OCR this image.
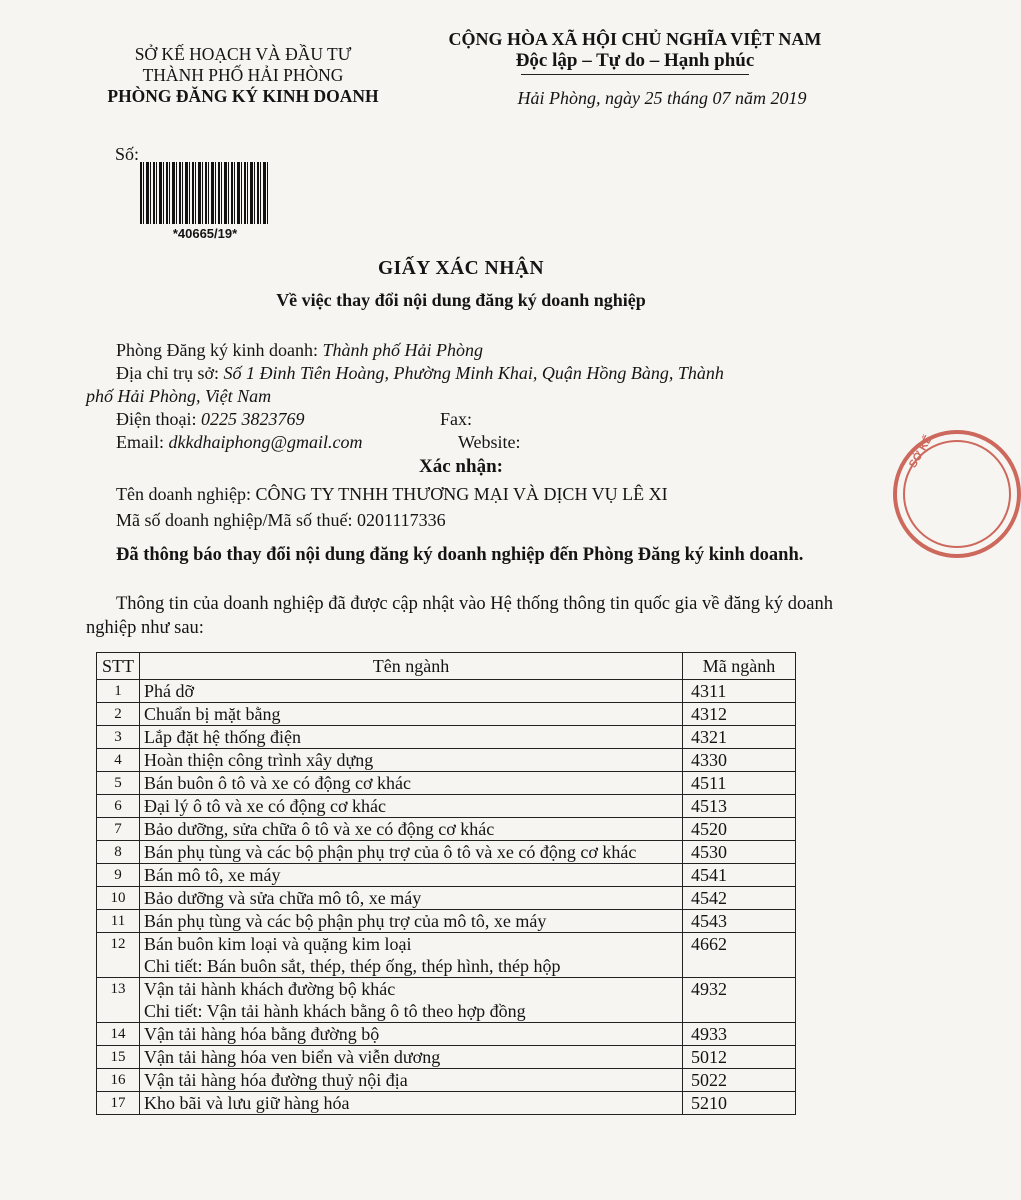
SỞ KẾ HOẠCH VÀ ĐẦU TƯ
THÀNH PHỐ HẢI PHÒNG
PHÒNG ĐĂNG KÝ KINH DOANH
CỘNG HÒA XÃ HỘI CHỦ NGHĨA VIỆT NAM
Độc lập – Tự do – Hạnh phúc
Hải Phòng, ngày 25 tháng 07 năm 2019
Số:
*40665/19*
GIẤY XÁC NHẬN
Về việc thay đổi nội dung đăng ký doanh nghiệp
Phòng Đăng ký kinh doanh: Thành phố Hải Phòng
Địa chỉ trụ sở: Số 1 Đinh Tiên Hoàng, Phường Minh Khai, Quận Hồng Bàng, Thành
phố Hải Phòng, Việt Nam
Điện thoại: 0225 3823769	Fax:
Email: dkkdhaiphong@gmail.com	Website:
Xác nhận:
Tên doanh nghiệp: CÔNG TY TNHH THƯƠNG MẠI VÀ DỊCH VỤ LÊ XI
Mã số doanh nghiệp/Mã số thuế: 0201117336
Đã thông báo thay đổi nội dung đăng ký doanh nghiệp đến Phòng Đăng ký kinh doanh.
Thông tin của doanh nghiệp đã được cập nhật vào Hệ thống thông tin quốc gia về đăng ký doanh nghiệp như sau:
STT	Tên ngành	Mã ngành
1	Phá dỡ	4311
2	Chuẩn bị mặt bằng	4312
3	Lắp đặt hệ thống điện	4321
4	Hoàn thiện công trình xây dựng	4330
5	Bán buôn ô tô và xe có động cơ khác	4511
6	Đại lý ô tô và xe có động cơ khác	4513
7	Bảo dưỡng, sửa chữa ô tô và xe có động cơ khác	4520
8	Bán phụ tùng và các bộ phận phụ trợ của ô tô và xe có động cơ khác	4530
9	Bán mô tô, xe máy	4541
10	Bảo dưỡng và sửa chữa mô tô, xe máy	4542
11	Bán phụ tùng và các bộ phận phụ trợ của mô tô, xe máy	4543
12	Bán buôn kim loại và quặng kim loại
Chi tiết: Bán buôn sắt, thép, thép ống, thép hình, thép hộp	4662
13	Vận tải hành khách đường bộ khác
Chi tiết: Vận tải hành khách bằng ô tô theo hợp đồng	4932
14	Vận tải hàng hóa bằng đường bộ	4933
15	Vận tải hàng hóa ven biển và viễn dương	5012
16	Vận tải hàng hóa đường thuỷ nội địa	5022
17	Kho bãi và lưu giữ hàng hóa	5210
SỞ KẾ
